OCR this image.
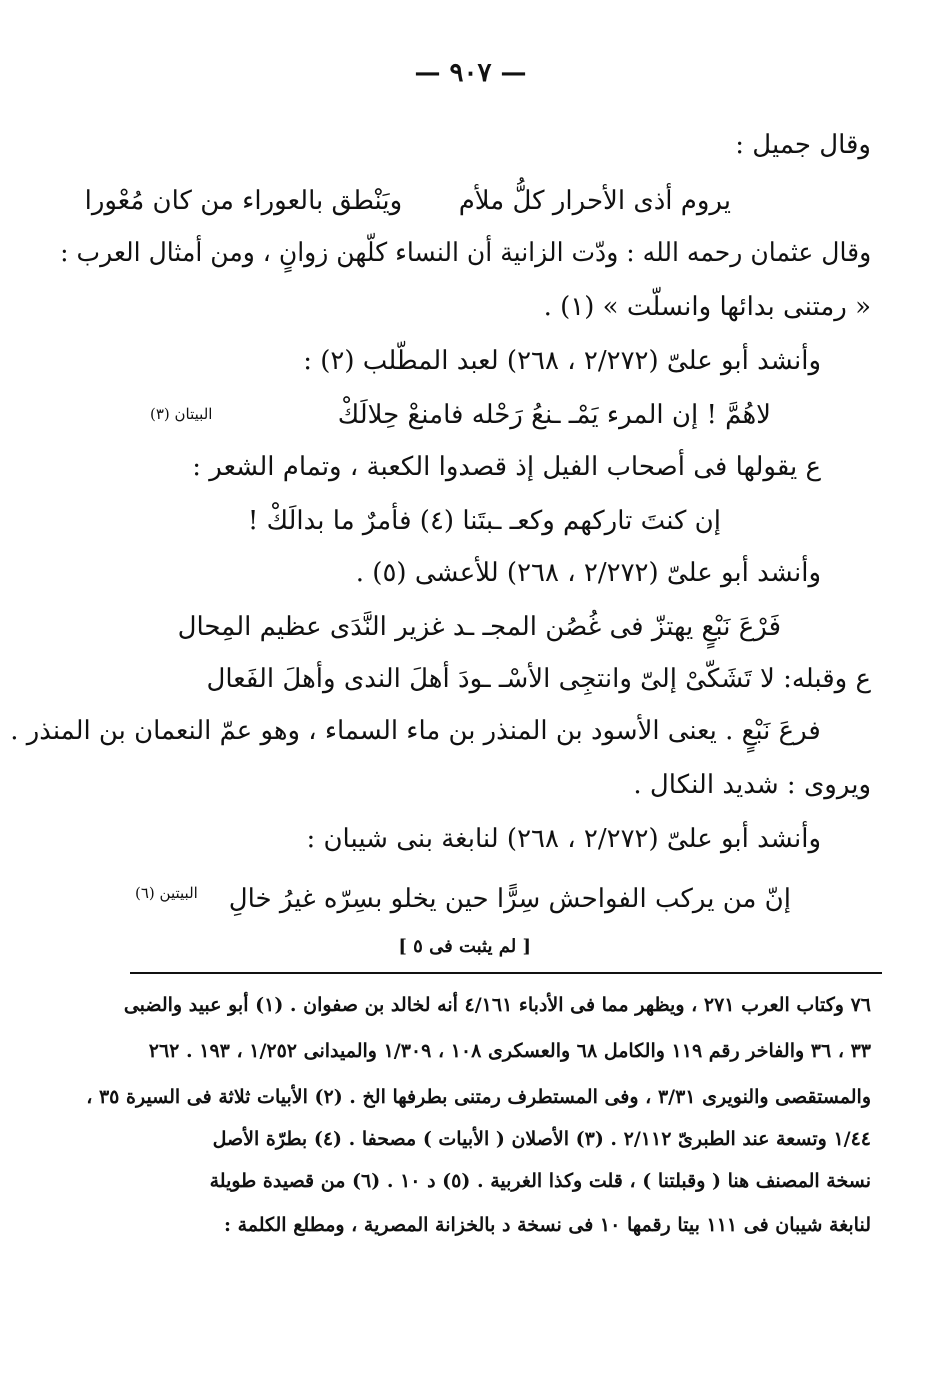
— ٩٠٧ —
وقال جميل :
يروم أذى الأحرار كلُّ ملأم  ويَنْطق بالعوراء من كان مُعْورا
وقال عثمان رحمه الله : ودّت الزانية أن النساء كلّهن زوانٍ ، ومن أمثال العرب :
« رمتنى بدائها وانسلّت » (١) .
وأنشد أبو علىّ (٢/٢٧٢ ، ٢٦٨) لعبد المطّلب (٢) :
لاهُمَّ ! إن المرء يَمْـ ـنعُ رَحْله فامنعْ حِلالَكْ
البيتان (٣)
ع يقولها فى أصحاب الفيل إذ قصدوا الكعبة ، وتمام الشعر :
إن كنتَ تاركهم وكعـ ـبتَنا (٤) فأمرٌ ما بدالَكْ !
وأنشد أبو علىّ (٢/٢٧٢ ، ٢٦٨) للأعشى (٥) .
فَرْعَ نَبْعٍ يهتزّ فى غُصُن المجـ ـد غزير النَّدَى عظيم المِحال
ع وقبله: لا تَشَكّىْ إلىّ وانتجِى الأسْـ ـودَ أهلَ الندى وأهلَ الفَعال
فرعَ نَبْعٍ . يعنى الأسود بن المنذر بن ماء السماء ، وهو عمّ النعمان بن المنذر .
ويروى : شديد النكال .
وأنشد أبو علىّ (٢/٢٧٢ ، ٢٦٨) لنابغة بنى شيبان :
إنّ من يركب الفواحش سِرًّا حين يخلو بسِرّه غيرُ خالِ
البيتين (٦)
[ لم يثبت فى ٥ ]
٧٦ وكتاب العرب ٢٧١ ، ويظهر مما فى الأدباء ٤/١٦١ أنه لخالد بن صفوان . (١) أبو عبيد والضبى
٣٣ ، ٣٦ والفاخر رقم ١١٩ والكامل ٦٨ والعسكرى ١٠٨ ، ١/٣٠٩ والميدانى ١/٢٥٢ ، ١٩٣ . ٢٦٢
والمستقصى والنويرى ٣/٣١ ، وفى المستطرف رمتنى بطرفها الخ . (٢) الأبيات ثلاثة فى السيرة ٣٥ ،
١/٤٤ وتسعة عند الطبرىّ ٢/١١٢ . (٣) الأصلان ( الأبيات ) مصحفا . (٤) بطرّة الأصل
نسخة المصنف هنا ( وقبلتنا ) ، قلت وكذا الغربية . (٥) د ١٠ . (٦) من قصيدة طويلة
لنابغة شيبان فى ١١١ بيتا رقمها ١٠ فى نسخة د بالخزانة المصرية ، ومطلع الكلمة :
